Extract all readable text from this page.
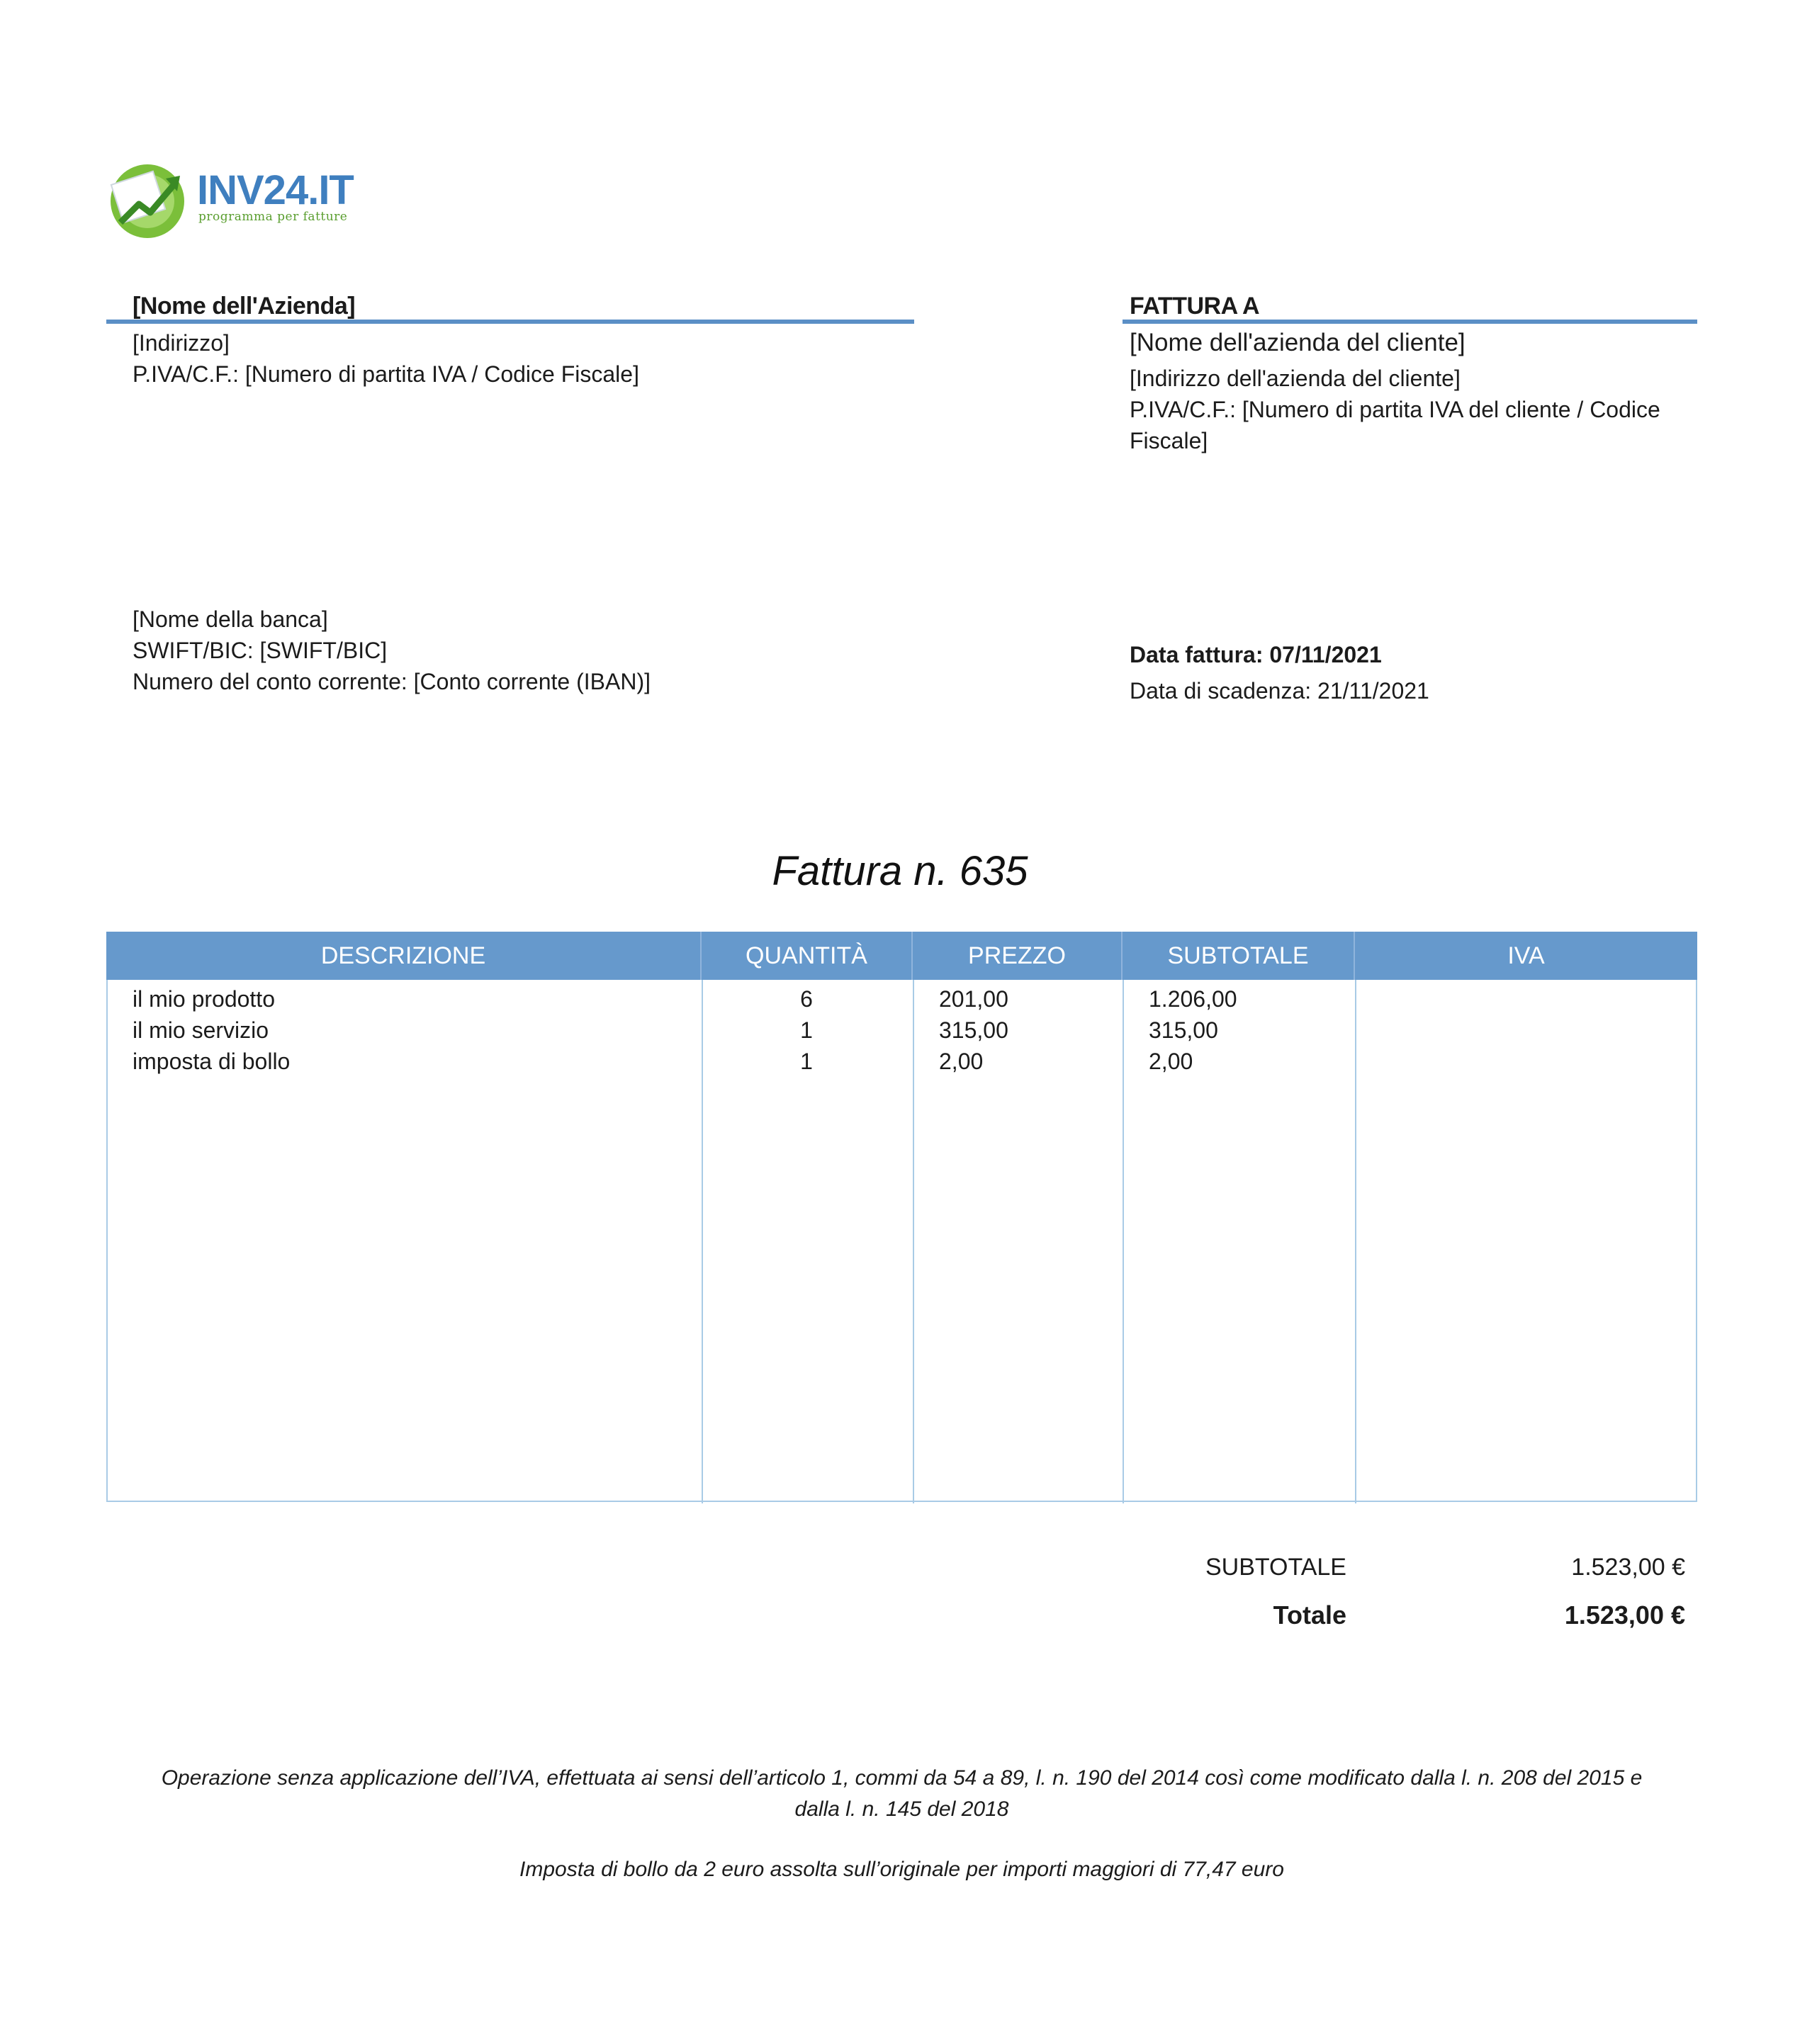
INV24.IT
programma per fatture
[Nome dell'Azienda]
[Indirizzo]
P.IVA/C.F.: [Numero di partita IVA / Codice Fiscale]
FATTURA A
[Nome dell'azienda del cliente]
[Indirizzo dell'azienda del cliente]
P.IVA/C.F.: [Numero di partita IVA del cliente / Codice
Fiscale]
[Nome della banca]
SWIFT/BIC: [SWIFT/BIC]
Numero del conto corrente: [Conto corrente (IBAN)]
Data fattura: 07/11/2021
Data di scadenza: 21/11/2021
Fattura n. 635
DESCRIZIONE	QUANTITÀ	PREZZO	SUBTOTALE	IVA
il mio prodotto	6	201,00	1.206,00
il mio servizio	1	315,00	315,00
imposta di bollo	1	2,00	2,00
SUBTOTALE	1.523,00 €
Totale	1.523,00 €
Operazione senza applicazione dell’IVA, effettuata ai sensi dell’articolo 1, commi da 54 a 89, l. n. 190 del 2014 così come modificato dalla l. n. 208 del 2015 e
dalla l. n. 145 del 2018
Imposta di bollo da 2 euro assolta sull’originale per importi maggiori di 77,47 euro
